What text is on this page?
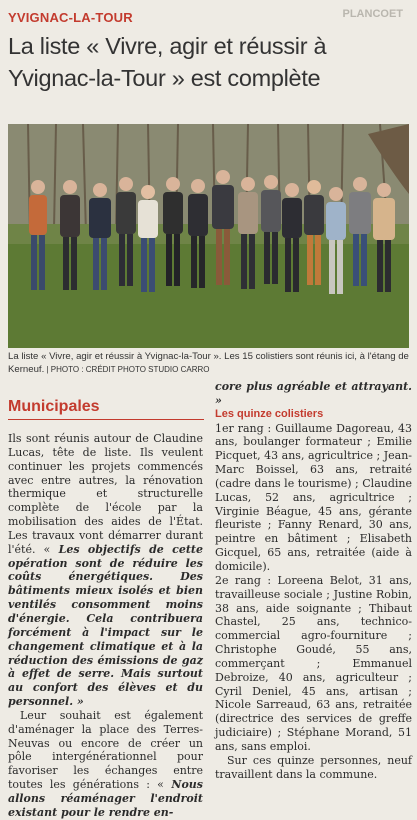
YVIGNAC-LA-TOUR	PLANCOET
La liste « Vivre, agir et réussir à Yvignac-la-Tour » est complète
La liste « Vivre, agir et réussir à Yvignac-la-Tour ». Les 15 colistiers sont réunis ici, à l'étang de Kerneuf. | PHOTO : CRÉDIT PHOTO STUDIO CARRO
Municipales

Ils sont réunis autour de Claudine Lucas, tête de liste. Ils veulent continuer les projets commencés avec entre autres, la rénovation thermique et structurelle complète de l'école par la mobilisation des aides de l'État. Les travaux vont démarrer durant l'été. « Les objectifs de cette opération sont de réduire les coûts énergétiques. Des bâtiments mieux isolés et bien ventilés consomment moins d'énergie. Cela contribuera forcément à l'impact sur le changement climatique et à la réduction des émissions de gaz à effet de serre. Mais surtout au confort des élèves et du personnel. »

Leur souhait est également d'aménager la place des Terres-Neuvas ou encore de créer un pôle intergénérationnel pour favoriser les échanges entre toutes les générations : « Nous allons réaménager l'endroit existant pour le rendre en-

core plus agréable et attrayant. »

Les quinze colistiers

1er rang : Guillaume Dagoreau, 43 ans, boulanger formateur ; Emilie Picquet, 43 ans, agricultrice ; Jean-Marc Boissel, 63 ans, retraité (cadre dans le tourisme) ; Claudine Lucas, 52 ans, agricultrice ; Virginie Béague, 45 ans, gérante fleuriste ; Fanny Renard, 30 ans, peintre en bâtiment ; Elisabeth Gicquel, 65 ans, retraitée (aide à domicile).

2e rang : Loreena Belot, 31 ans, travailleuse sociale ; Justine Robin, 38 ans, aide soignante ; Thibaut Chastel, 25 ans, technico-commercial agro-fourniture ; Christophe Goudé, 55 ans, commerçant ; Emmanuel Debroize, 40 ans, agriculteur ; Cyril Deniel, 45 ans, artisan ; Nicole Sarreaud, 63 ans, retraitée (directrice des services de greffe judiciaire) ; Stéphane Morand, 51 ans, sans emploi.

Sur ces quinze personnes, neuf travaillent dans la commune.
